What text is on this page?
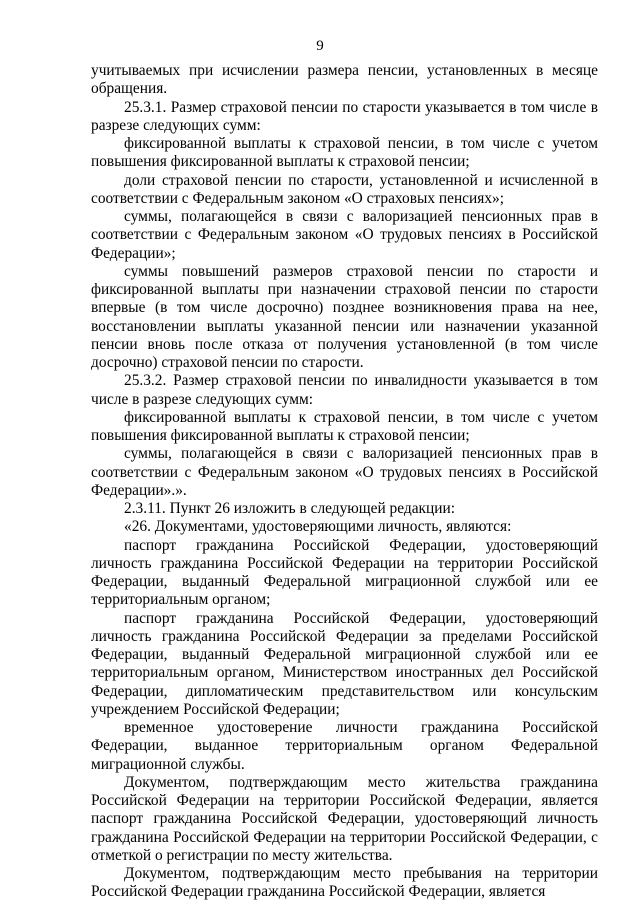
9

учитываемых при исчислении размера пенсии, установленных в месяце обращения.

25.3.1. Размер страховой пенсии по старости указывается в том числе в разрезе следующих сумм:

фиксированной выплаты к страховой пенсии, в том числе с учетом повышения фиксированной выплаты к страховой пенсии;

доли страховой пенсии по старости, установленной и исчисленной в соответствии с Федеральным законом «О страховых пенсиях»;

суммы, полагающейся в связи с валоризацией пенсионных прав в соответствии с Федеральным законом «О трудовых пенсиях в Российской Федерации»;

суммы повышений размеров страховой пенсии по старости и фиксированной выплаты при назначении страховой пенсии по старости впервые (в том числе досрочно) позднее возникновения права на нее, восстановлении выплаты указанной пенсии или назначении указанной пенсии вновь после отказа от получения установленной (в том числе досрочно) страховой пенсии по старости.

25.3.2. Размер страховой пенсии по инвалидности указывается в том числе в разрезе следующих сумм:

фиксированной выплаты к страховой пенсии, в том числе с учетом повышения фиксированной выплаты к страховой пенсии;

суммы, полагающейся в связи с валоризацией пенсионных прав в соответствии с Федеральным законом «О трудовых пенсиях в Российской Федерации».».

2.3.11. Пункт 26 изложить в следующей редакции:

«26. Документами, удостоверяющими личность, являются:

паспорт гражданина Российской Федерации, удостоверяющий личность гражданина Российской Федерации на территории Российской Федерации, выданный Федеральной миграционной службой или ее территориальным органом;

паспорт гражданина Российской Федерации, удостоверяющий личность гражданина Российской Федерации за пределами Российской Федерации, выданный Федеральной миграционной службой или ее территориальным органом, Министерством иностранных дел Российской Федерации, дипломатическим представительством или консульским учреждением Российской Федерации;

временное удостоверение личности гражданина Российской Федерации, выданное территориальным органом Федеральной миграционной службы.

Документом, подтверждающим место жительства гражданина Российской Федерации на территории Российской Федерации, является паспорт гражданина Российской Федерации, удостоверяющий личность гражданина Российской Федерации на территории Российской Федерации, с отметкой о регистрации по месту жительства.

Документом, подтверждающим место пребывания на территории Российской Федерации гражданина Российской Федерации, является
